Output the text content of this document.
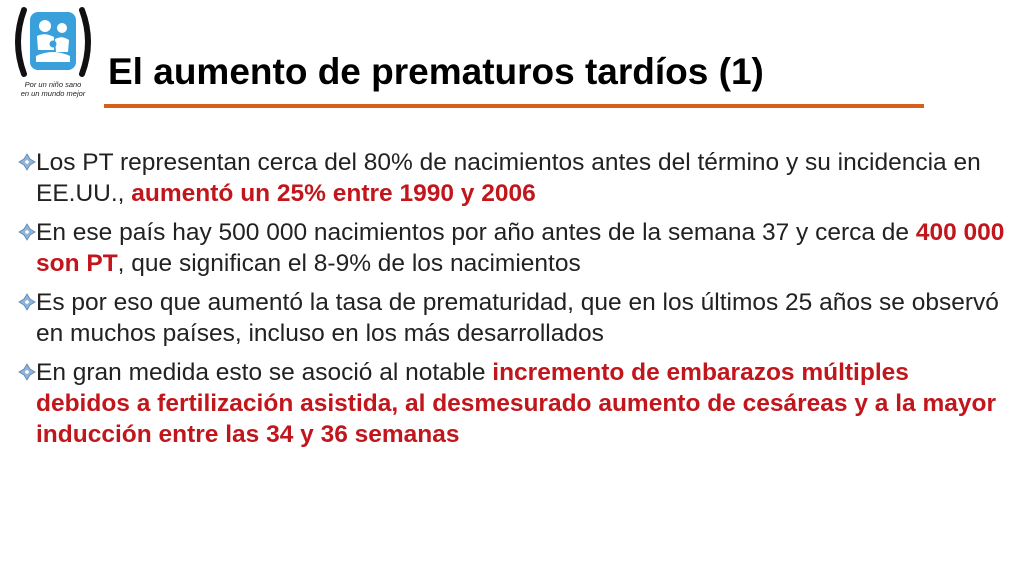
Por un niño sano
en un mundo mejor
El aumento de prematuros tardíos (1)
Los PT representan cerca del 80% de nacimientos antes del término y su incidencia en EE.UU., aumentó un 25% entre 1990 y 2006
En ese país hay 500 000 nacimientos por año antes de la semana 37 y cerca de 400 000 son PT, que significan el 8-9% de los nacimientos
Es por eso que aumentó la tasa de prematuridad, que en los últimos 25 años se observó en muchos países, incluso en los más desarrollados
En gran medida esto se asoció al notable incremento de embarazos múltiples debidos a fertilización asistida, al desmesurado aumento de cesáreas y a la mayor inducción entre las 34 y 36 semanas
